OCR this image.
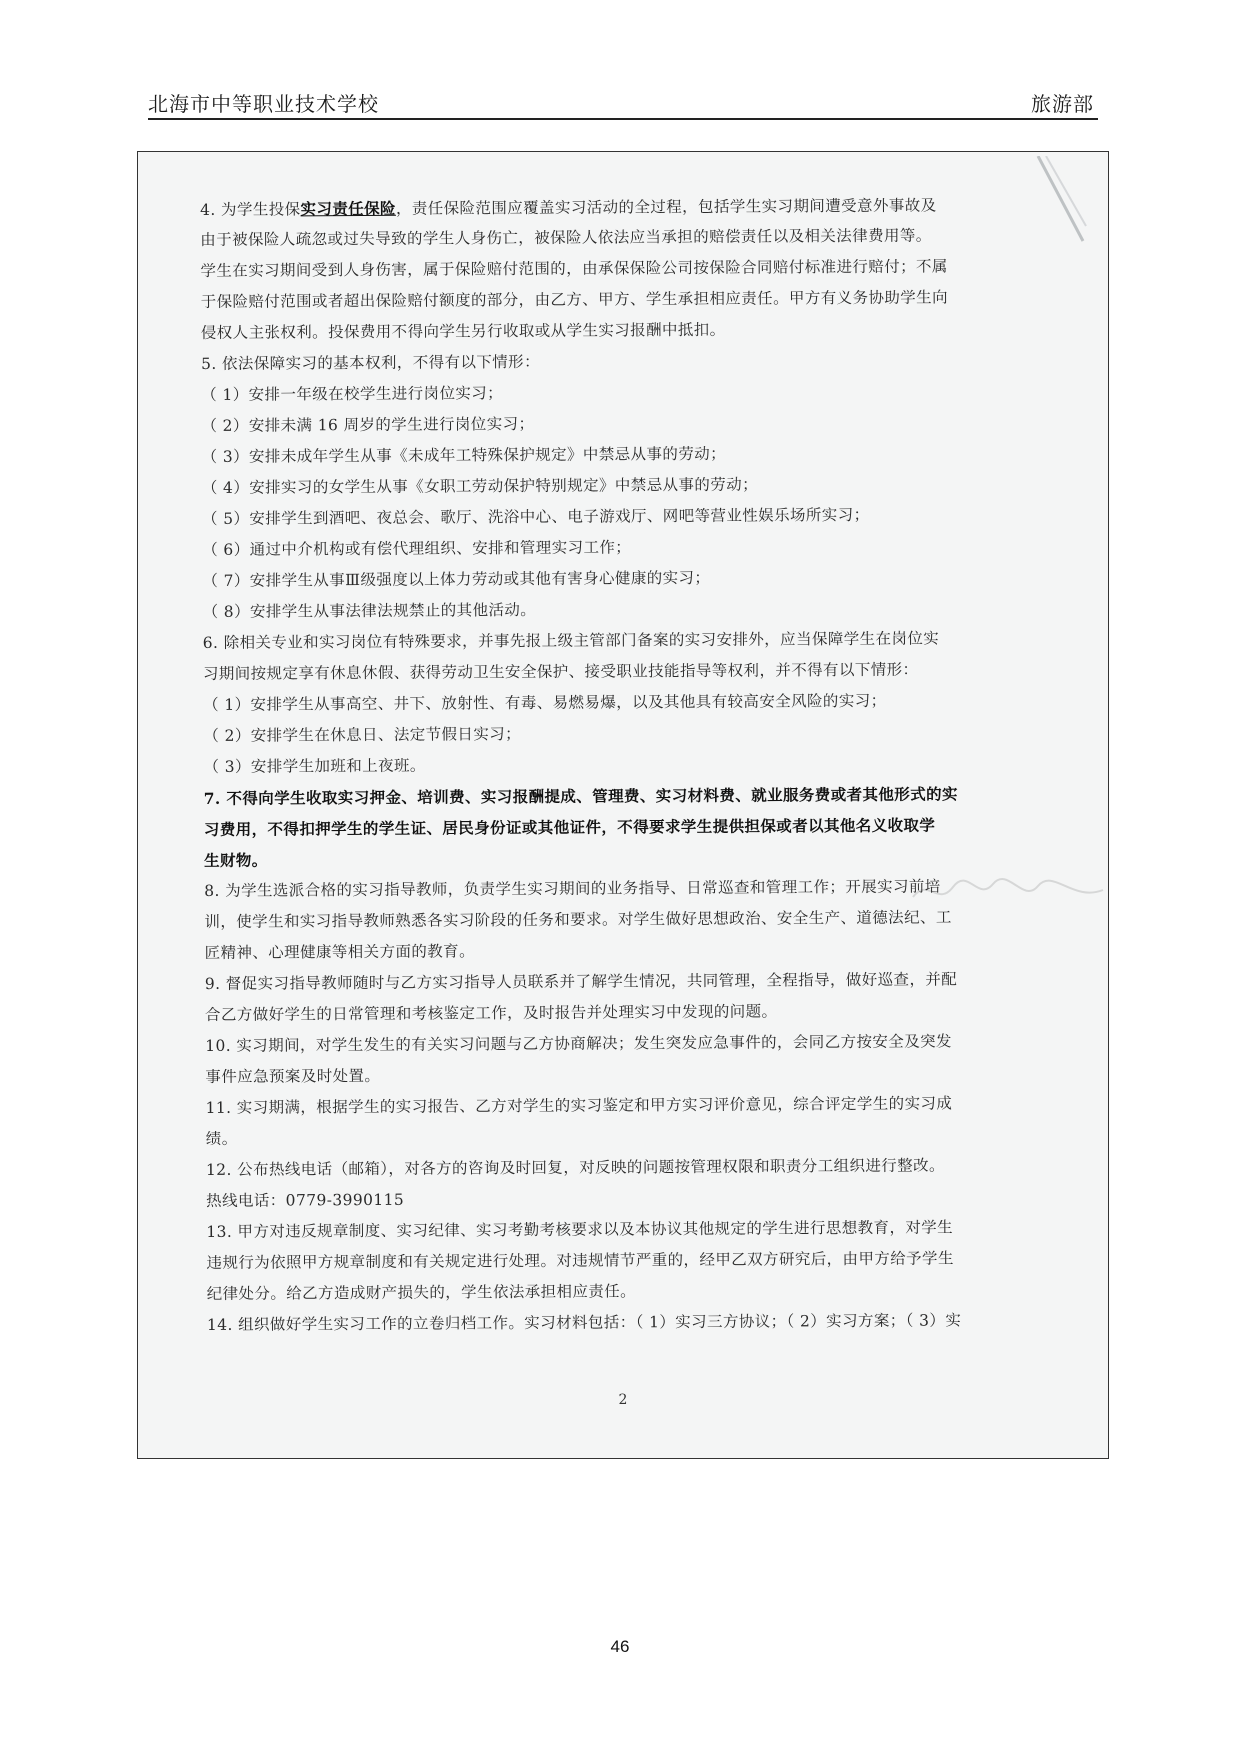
北海市中等职业技术学校	旅游部
4. 为学生投保实习责任保险，责任保险范围应覆盖实习活动的全过程，包括学生实习期间遭受意外事故及
由于被保险人疏忽或过失导致的学生人身伤亡，被保险人依法应当承担的赔偿责任以及相关法律费用等。
学生在实习期间受到人身伤害，属于保险赔付范围的，由承保保险公司按保险合同赔付标准进行赔付；不属
于保险赔付范围或者超出保险赔付额度的部分，由乙方、甲方、学生承担相应责任。甲方有义务协助学生向
侵权人主张权利。投保费用不得向学生另行收取或从学生实习报酬中抵扣。
5. 依法保障实习的基本权利，不得有以下情形：
（ 1）安排一年级在校学生进行岗位实习；
（ 2）安排未满 16 周岁的学生进行岗位实习；
（ 3）安排未成年学生从事《未成年工特殊保护规定》中禁忌从事的劳动；
（ 4）安排实习的女学生从事《女职工劳动保护特别规定》中禁忌从事的劳动；
（ 5）安排学生到酒吧、夜总会、歌厅、洗浴中心、电子游戏厅、网吧等营业性娱乐场所实习；
（ 6）通过中介机构或有偿代理组织、安排和管理实习工作；
（ 7）安排学生从事Ⅲ级强度以上体力劳动或其他有害身心健康的实习；
（ 8）安排学生从事法律法规禁止的其他活动。
6. 除相关专业和实习岗位有特殊要求，并事先报上级主管部门备案的实习安排外，应当保障学生在岗位实
习期间按规定享有休息休假、获得劳动卫生安全保护、接受职业技能指导等权利，并不得有以下情形：
（ 1）安排学生从事高空、井下、放射性、有毒、易燃易爆，以及其他具有较高安全风险的实习；
（ 2）安排学生在休息日、法定节假日实习；
（ 3）安排学生加班和上夜班。
7. 不得向学生收取实习押金、培训费、实习报酬提成、管理费、实习材料费、就业服务费或者其他形式的实
习费用，不得扣押学生的学生证、居民身份证或其他证件，不得要求学生提供担保或者以其他名义收取学
生财物。
8. 为学生选派合格的实习指导教师，负责学生实习期间的业务指导、日常巡查和管理工作；开展实习前培
训，使学生和实习指导教师熟悉各实习阶段的任务和要求。对学生做好思想政治、安全生产、道德法纪、工
匠精神、心理健康等相关方面的教育。
9. 督促实习指导教师随时与乙方实习指导人员联系并了解学生情况，共同管理，全程指导，做好巡查，并配
合乙方做好学生的日常管理和考核鉴定工作，及时报告并处理实习中发现的问题。
10. 实习期间，对学生发生的有关实习问题与乙方协商解决；发生突发应急事件的，会同乙方按安全及突发
事件应急预案及时处置。
11. 实习期满，根据学生的实习报告、乙方对学生的实习鉴定和甲方实习评价意见，综合评定学生的实习成
绩。
12. 公布热线电话（邮箱），对各方的咨询及时回复，对反映的问题按管理权限和职责分工组织进行整改。
热线电话：0779-3990115
13. 甲方对违反规章制度、实习纪律、实习考勤考核要求以及本协议其他规定的学生进行思想教育，对学生
违规行为依照甲方规章制度和有关规定进行处理。对违规情节严重的，经甲乙双方研究后，由甲方给予学生
纪律处分。给乙方造成财产损失的，学生依法承担相应责任。
14. 组织做好学生实习工作的立卷归档工作。实习材料包括：（ 1）实习三方协议；（ 2）实习方案；（ 3）实
2
46
